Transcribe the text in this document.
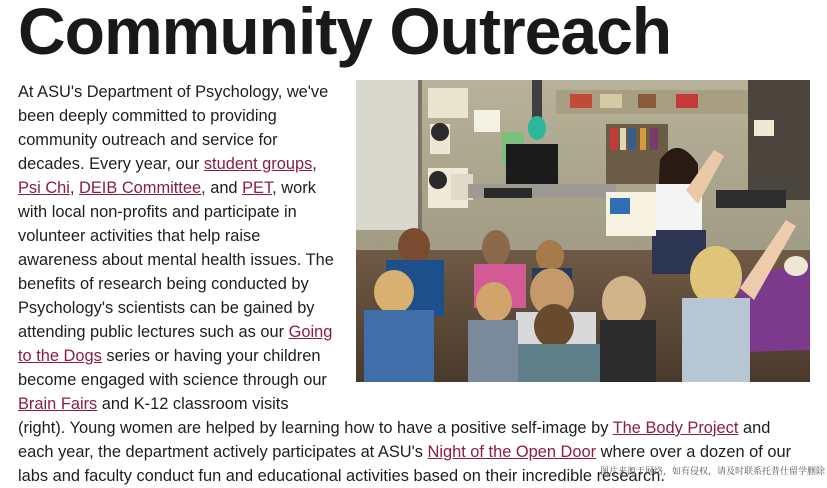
Community Outreach
At ASU's Department of Psychology, we've been deeply committed to providing community outreach and service for decades. Every year, our student groups, Psi Chi, DEIB Committee, and PET, work with local non-profits and participate in volunteer activities that help raise awareness about mental health issues. The benefits of research being conducted by Psychology's scientists can be gained by attending public lectures such as our Going to the Dogs series or having your children become engaged with science through our Brain Fairs and K-12 classroom visits (right). Young women are helped by learning how to have a positive self-image by The Body Project and each year, the department actively participates at ASU's Night of the Open Door where over a dozen of our labs and faculty conduct fun and educational activities based on their incredible research.
图片来源于网络，如有侵权，请及时联系托普仕留学删除
